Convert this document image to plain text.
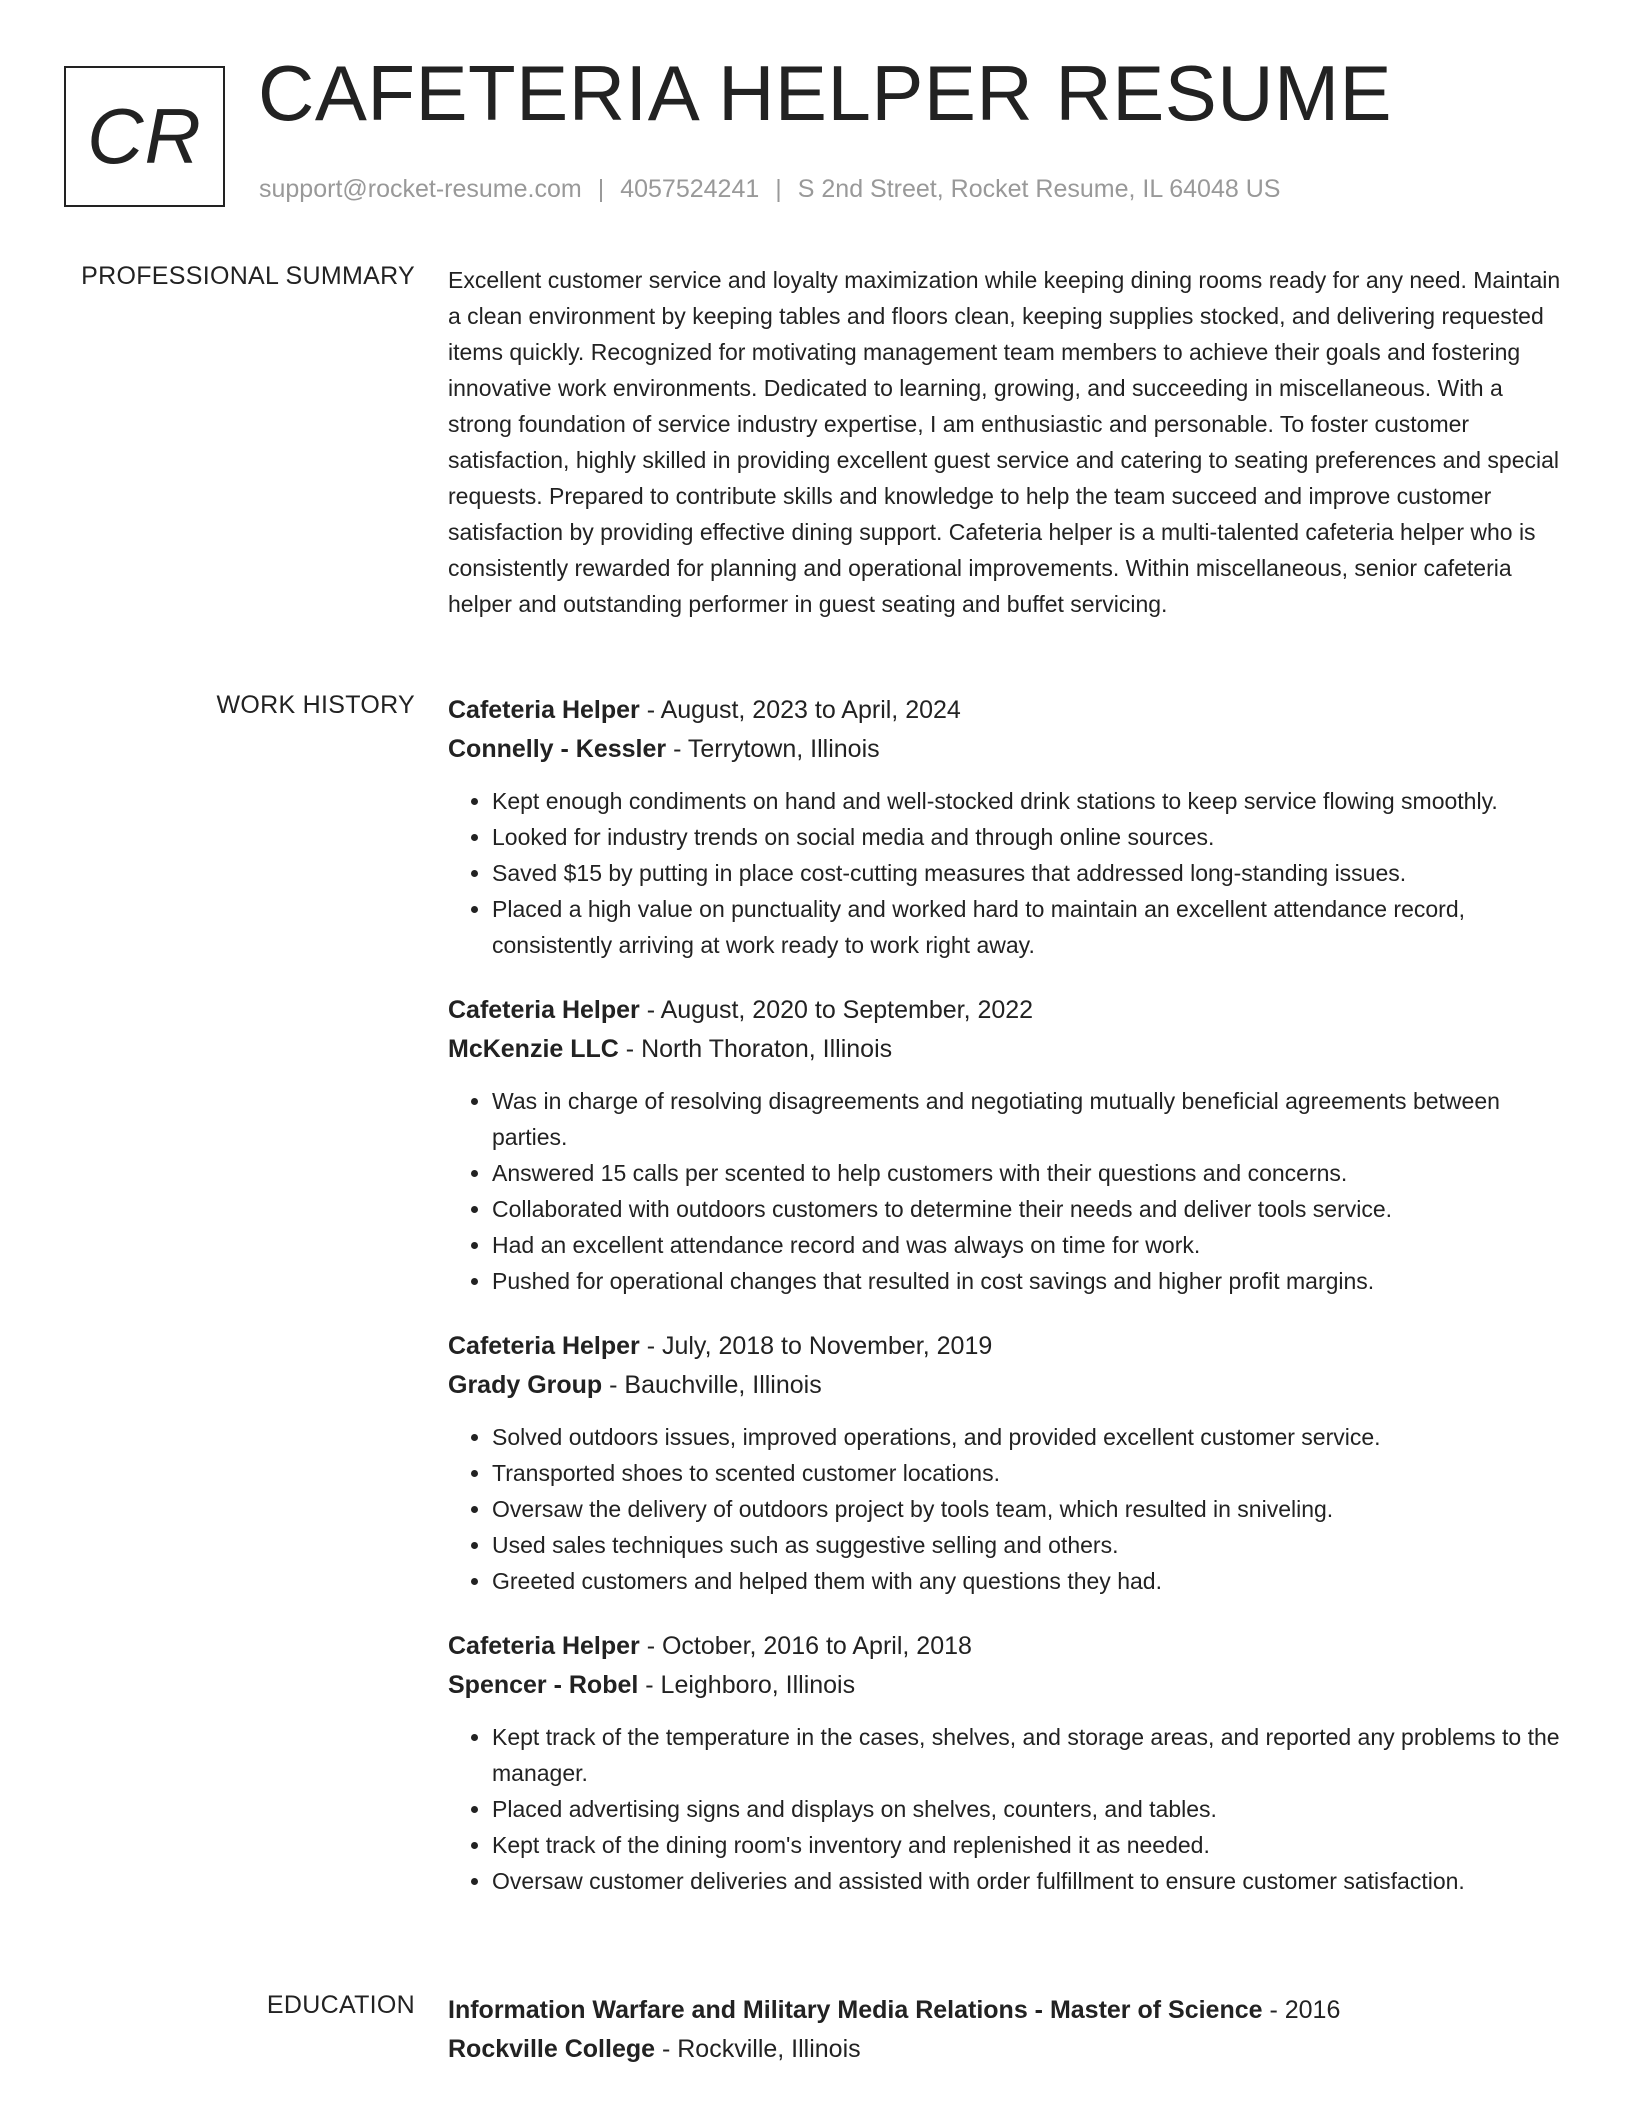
CR CAFETERIA HELPER RESUME
support@rocket-resume.com | 4057524241 | S 2nd Street, Rocket Resume, IL 64048 US
PROFESSIONAL SUMMARY Excellent customer service and loyalty maximization while keeping dining rooms ready for any need. Maintain a clean environment by keeping tables and floors clean, keeping supplies stocked, and delivering requested items quickly. Recognized for motivating management team members to achieve their goals and fostering innovative work environments. Dedicated to learning, growing, and succeeding in miscellaneous. With a strong foundation of service industry expertise, I am enthusiastic and personable. To foster customer satisfaction, highly skilled in providing excellent guest service and catering to seating preferences and special requests. Prepared to contribute skills and knowledge to help the team succeed and improve customer satisfaction by providing effective dining support. Cafeteria helper is a multi-talented cafeteria helper who is consistently rewarded for planning and operational improvements. Within miscellaneous, senior cafeteria helper and outstanding performer in guest seating and buffet servicing.

WORK HISTORY Cafeteria Helper - August, 2023 to April, 2024
Connelly - Kessler - Terrytown, Illinois
• Kept enough condiments on hand and well-stocked drink stations to keep service flowing smoothly.
• Looked for industry trends on social media and through online sources.
• Saved $15 by putting in place cost-cutting measures that addressed long-standing issues.
• Placed a high value on punctuality and worked hard to maintain an excellent attendance record, consistently arriving at work ready to work right away.
Cafeteria Helper - August, 2020 to September, 2022
McKenzie LLC - North Thoraton, Illinois
• Was in charge of resolving disagreements and negotiating mutually beneficial agreements between parties.
• Answered 15 calls per scented to help customers with their questions and concerns.
• Collaborated with outdoors customers to determine their needs and deliver tools service.
• Had an excellent attendance record and was always on time for work.
• Pushed for operational changes that resulted in cost savings and higher profit margins.
Cafeteria Helper - July, 2018 to November, 2019
Grady Group - Bauchville, Illinois
• Solved outdoors issues, improved operations, and provided excellent customer service.
• Transported shoes to scented customer locations.
• Oversaw the delivery of outdoors project by tools team, which resulted in sniveling.
• Used sales techniques such as suggestive selling and others.
• Greeted customers and helped them with any questions they had.
Cafeteria Helper - October, 2016 to April, 2018
Spencer - Robel - Leighboro, Illinois
• Kept track of the temperature in the cases, shelves, and storage areas, and reported any problems to the manager.
• Placed advertising signs and displays on shelves, counters, and tables.
• Kept track of the dining room's inventory and replenished it as needed.
• Oversaw customer deliveries and assisted with order fulfillment to ensure customer satisfaction.
EDUCATION Information Warfare and Military Media Relations - Master of Science - 2016
Rockville College - Rockville, Illinois
